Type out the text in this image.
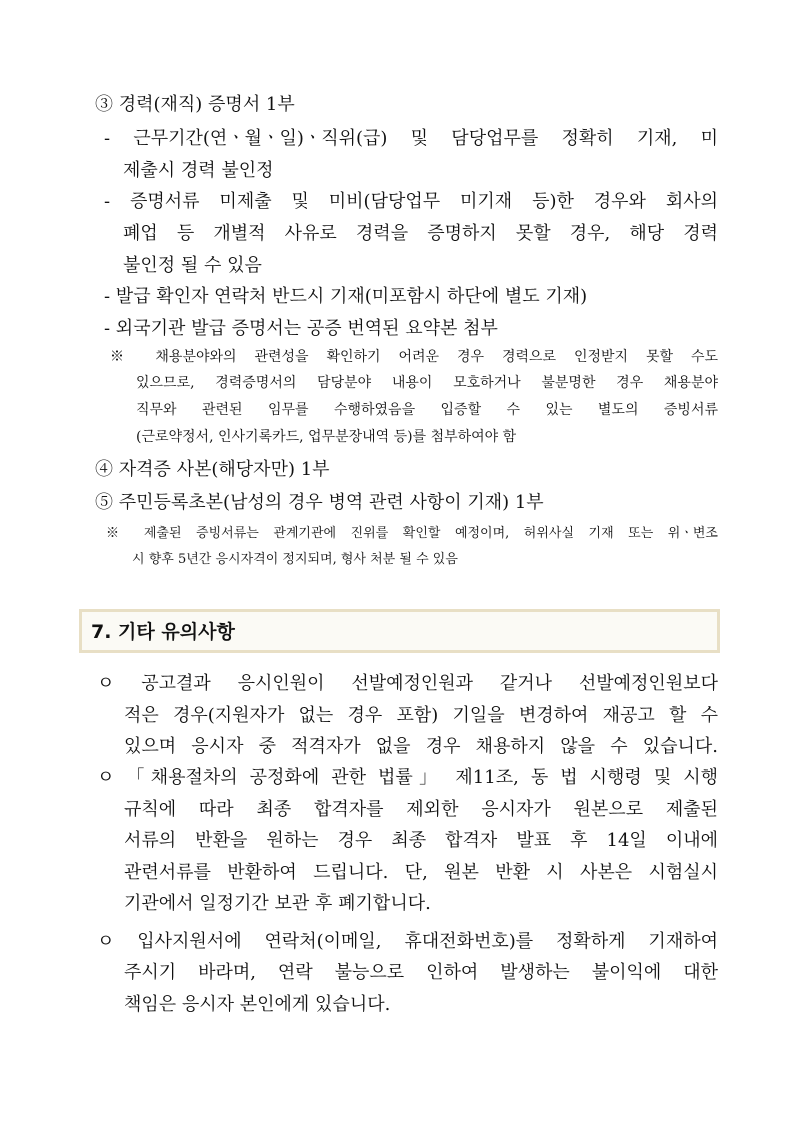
③ 경력(재직) 증명서 1부
- 근무기간(연ㆍ월ㆍ일)ㆍ직위(급) 및 담당업무를 정확히 기재, 미
제출시 경력 불인정
- 증명서류 미제출 및 미비(담당업무 미기재 등)한 경우와 회사의
폐업 등 개별적 사유로 경력을 증명하지 못할 경우, 해당 경력
불인정 될 수 있음
- 발급 확인자 연락처 반드시 기재(미포함시 하단에 별도 기재)
- 외국기관 발급 증명서는 공증 번역된 요약본 첨부
※ 채용분야와의 관련성을 확인하기 어려운 경우 경력으로 인정받지 못할 수도
있으므로, 경력증명서의 담당분야 내용이 모호하거나 불분명한 경우 채용분야
직무와 관련된 임무를 수행하였음을 입증할 수 있는 별도의 증빙서류
(근로약정서, 인사기록카드, 업무분장내역 등)를 첨부하여야 함
④ 자격증 사본(해당자만) 1부
⑤ 주민등록초본(남성의 경우 병역 관련 사항이 기재) 1부
※ 제출된 증빙서류는 관계기관에 진위를 확인할 예정이며, 허위사실 기재 또는 위ㆍ변조
시 향후 5년간 응시자격이 정지되며, 형사 처분 될 수 있음
7. 기타 유의사항
ㅇ 공고결과 응시인원이 선발예정인원과 같거나 선발예정인원보다
적은 경우(지원자가 없는 경우 포함) 기일을 변경하여 재공고 할 수
있으며 응시자 중 적격자가 없을 경우 채용하지 않을 수 있습니다.
ㅇ 「채용절차의 공정화에 관한 법률」 제11조, 동 법 시행령 및 시행
규칙에 따라 최종 합격자를 제외한 응시자가 원본으로 제출된
서류의 반환을 원하는 경우 최종 합격자 발표 후 14일 이내에
관련서류를 반환하여 드립니다. 단, 원본 반환 시 사본은 시험실시
기관에서 일정기간 보관 후 폐기합니다.
ㅇ 입사지원서에 연락처(이메일, 휴대전화번호)를 정확하게 기재하여
주시기 바라며, 연락 불능으로 인하여 발생하는 불이익에 대한
책임은 응시자 본인에게 있습니다.
